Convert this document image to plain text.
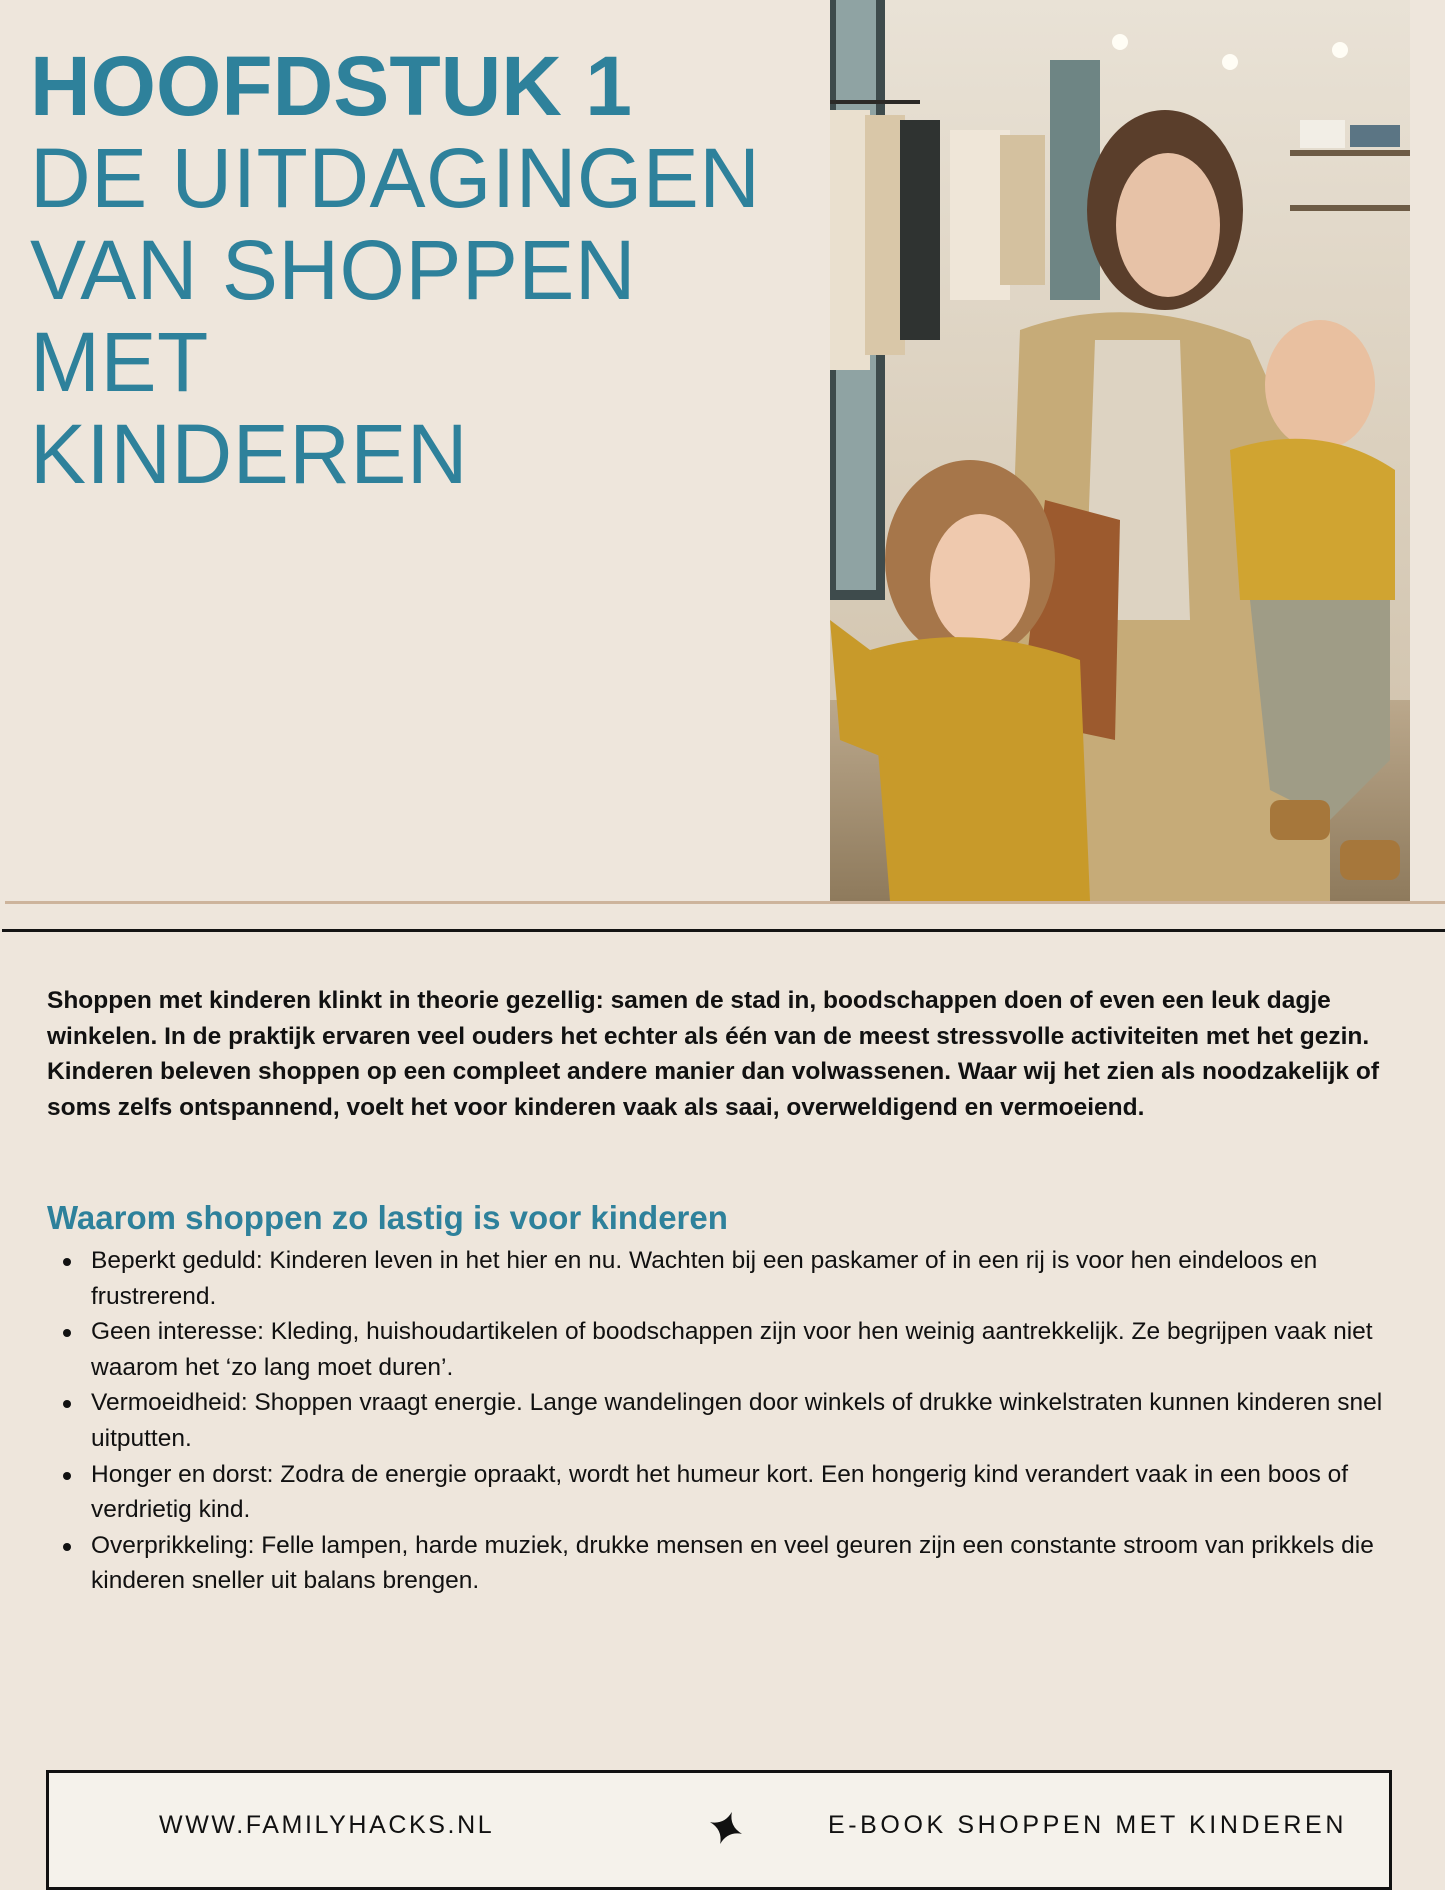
HOOFDSTUK 1
DE UITDAGINGEN
VAN SHOPPEN MET
KINDEREN

Shoppen met kinderen klinkt in theorie gezellig: samen de stad in, boodschappen doen of even een leuk dagje winkelen. In de praktijk ervaren veel ouders het echter als één van de meest stressvolle activiteiten met het gezin. Kinderen beleven shoppen op een compleet andere manier dan volwassenen. Waar wij het zien als noodzakelijk of soms zelfs ontspannend, voelt het voor kinderen vaak als saai, overweldigend en vermoeiend.

Waarom shoppen zo lastig is voor kinderen
Beperkt geduld: Kinderen leven in het hier en nu. Wachten bij een paskamer of in een rij is voor hen eindeloos en frustrerend.
Geen interesse: Kleding, huishoudartikelen of boodschappen zijn voor hen weinig aantrekkelijk. Ze begrijpen vaak niet waarom het ‘zo lang moet duren’.
Vermoeidheid: Shoppen vraagt energie. Lange wandelingen door winkels of drukke winkelstraten kunnen kinderen snel uitputten.
Honger en dorst: Zodra de energie opraakt, wordt het humeur kort. Een hongerig kind verandert vaak in een boos of verdrietig kind.
Overprikkeling: Felle lampen, harde muziek, drukke mensen en veel geuren zijn een constante stroom van prikkels die kinderen sneller uit balans brengen.
WWW.FAMILYHACKS.NL	E-BOOK SHOPPEN MET KINDEREN
